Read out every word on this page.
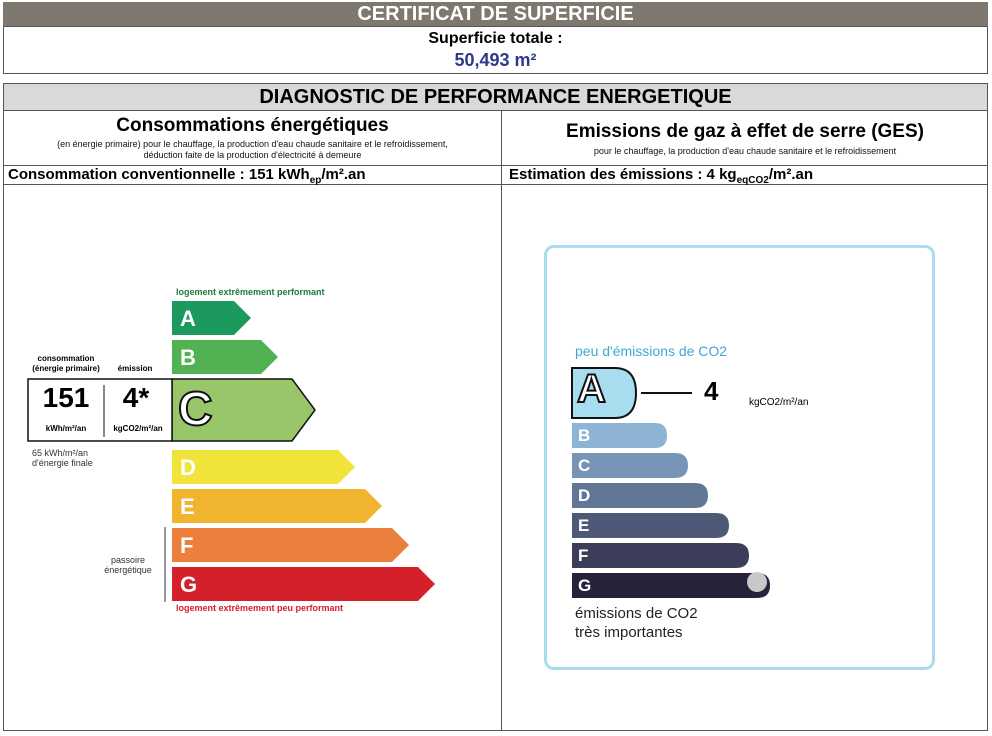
CERTIFICAT DE SUPERFICIE
Superficie totale :
50,493 m²
DIAGNOSTIC DE PERFORMANCE ENERGETIQUE
Consommations énergétiques
(en énergie primaire) pour le chauffage, la production d'eau chaude sanitaire et le refroidissement, déduction faite de la production d'électricité à demeure
Emissions de gaz à effet de serre (GES)
pour le chauffage, la production d'eau chaude sanitaire et le refroidissement
Consommation conventionnelle : 151 kWh$_{ep}$/m².an	Estimation des émissions : 4 $kg_{eqCO2}/m^2.an$
logement extrêmement performant
A
B
C
D
E
F
G
logement extrêmement peu performant
consommation
(énergie primaire)	émission
151
kWh/m²/an
4*
kgCO2/m²/an
65 kWh/m²/an
d'énergie finale
passoire
énergétique
peu d'émissions de CO2
A
B
C
D
E
F
G
4	kgCO2/m²/an
émissions de CO2
très importantes
